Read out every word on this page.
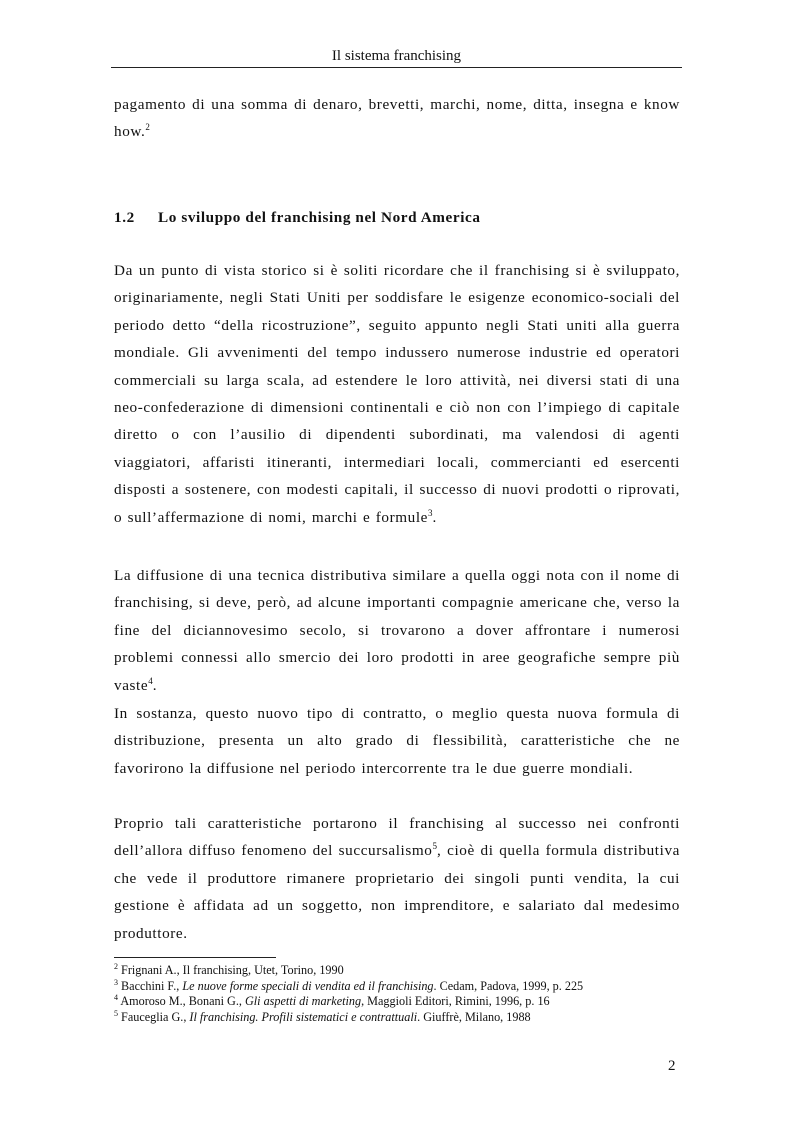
Il sistema franchising

pagamento di una somma di denaro, brevetti, marchi, nome, ditta, insegna e know how.$^2$

1.2 Lo sviluppo del franchising nel Nord America

Da un punto di vista storico si è soliti ricordare che il franchising si è sviluppato, originariamente, negli Stati Uniti per soddisfare le esigenze economico-sociali del periodo detto “della ricostruzione”, seguito appunto negli Stati uniti alla guerra mondiale. Gli avvenimenti del tempo indussero numerose industrie ed operatori commerciali su larga scala, ad estendere le loro attività, nei diversi stati di una neo-confederazione di dimensioni continentali e ciò non con l’impiego di capitale diretto o con l’ausilio di dipendenti subordinati, ma valendosi di agenti viaggiatori, affaristi itineranti, intermediari locali, commercianti ed esercenti disposti a sostenere, con modesti capitali, il successo di nuovi prodotti o riprovati, o sull’affermazione di nomi, marchi e formule$^3$.

La diffusione di una tecnica distributiva similare a quella oggi nota con il nome di franchising, si deve, però, ad alcune importanti compagnie americane che, verso la fine del diciannovesimo secolo, si trovarono a dover affrontare i numerosi problemi connessi allo smercio dei loro prodotti in aree geografiche sempre più vaste$^4$.

In sostanza, questo nuovo tipo di contratto, o meglio questa nuova formula di distribuzione, presenta un alto grado di flessibilità, caratteristiche che ne favorirono la diffusione nel periodo intercorrente tra le due guerre mondiali.

Proprio tali caratteristiche portarono il franchising al successo nei confronti dell’allora diffuso fenomeno del succursalismo$^5$, cioè di quella formula distributiva che vede il produttore rimanere proprietario dei singoli punti vendita, la cui gestione è affidata ad un soggetto, non imprenditore, e salariato dal medesimo produttore.

$^2$ Frignani A., Il franchising, Utet, Torino, 1990

$^3$ Bacchini F., Le nuove forme speciali di vendita ed il franchising. Cedam, Padova, 1999, p. 225

$^4$ Amoroso M., Bonani G., Gli aspetti di marketing, Maggioli Editori, Rimini, 1996, p. 16

$^5$ Fauceglia G., Il franchising. Profili sistematici e contrattuali. Giuffrè, Milano, 1988

2
